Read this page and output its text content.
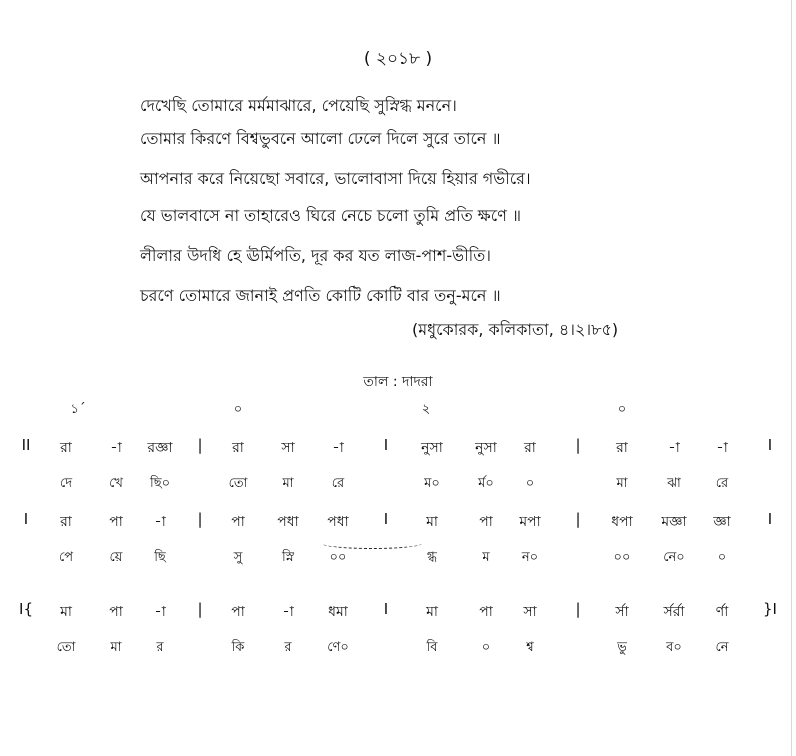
( ২০১৮ )
দেখেছি তোমারে মর্মমাঝারে, পেয়েছি সুস্নিগ্ধ মননে।
তোমার কিরণে বিশ্বভুবনে আলো ঢেলে দিলে সুরে তানে ॥
আপনার করে নিয়েছো সবারে, ভালোবাসা দিয়ে হিয়ার গভীরে।
যে ভালবাসে না তাহারেও ঘিরে নেচে চলো তুমি প্রতি ক্ষণে ॥
লীলার উদধি হে ঊর্মিপতি, দূর কর যত লাজ-পাশ-ভীতি।
চরণে তোমারে জানাই প্রণতি কোটি কোটি বার তনু-মনে ॥
(মধুকোরক, কলিকাতা, ৪।২।৮৫)
তাল : দাদরা
১´	০	২	০
II	I
রা	-া	রজ্ঞা	|	রা	সা	-া	I	নুসা	নুসা	রা	|	রা	-া	-া
দে	খে	ছি০	তো	মা	রে	ম০	র্ম০	০	মা	ঝা	রে
I	I
রা	পা	-া	|	পা	পধা	পধা	I	মা	পা	মপা	|	ধপা	মজ্ঞা	জ্ঞা
পে	য়ে	ছি	সু	স্নি	০০	গ্ধ	ম	ন০	০০	নে০	০
I{	}I
মা	পা	-া	|	পা	-া	ধমা	I	মা	পা	সা	|	র্সা	র্সর্রা	র্ণা
তো	মা	র	কি	র	ণে০	বি	০	শ্ব	ভু	ব০	নে
